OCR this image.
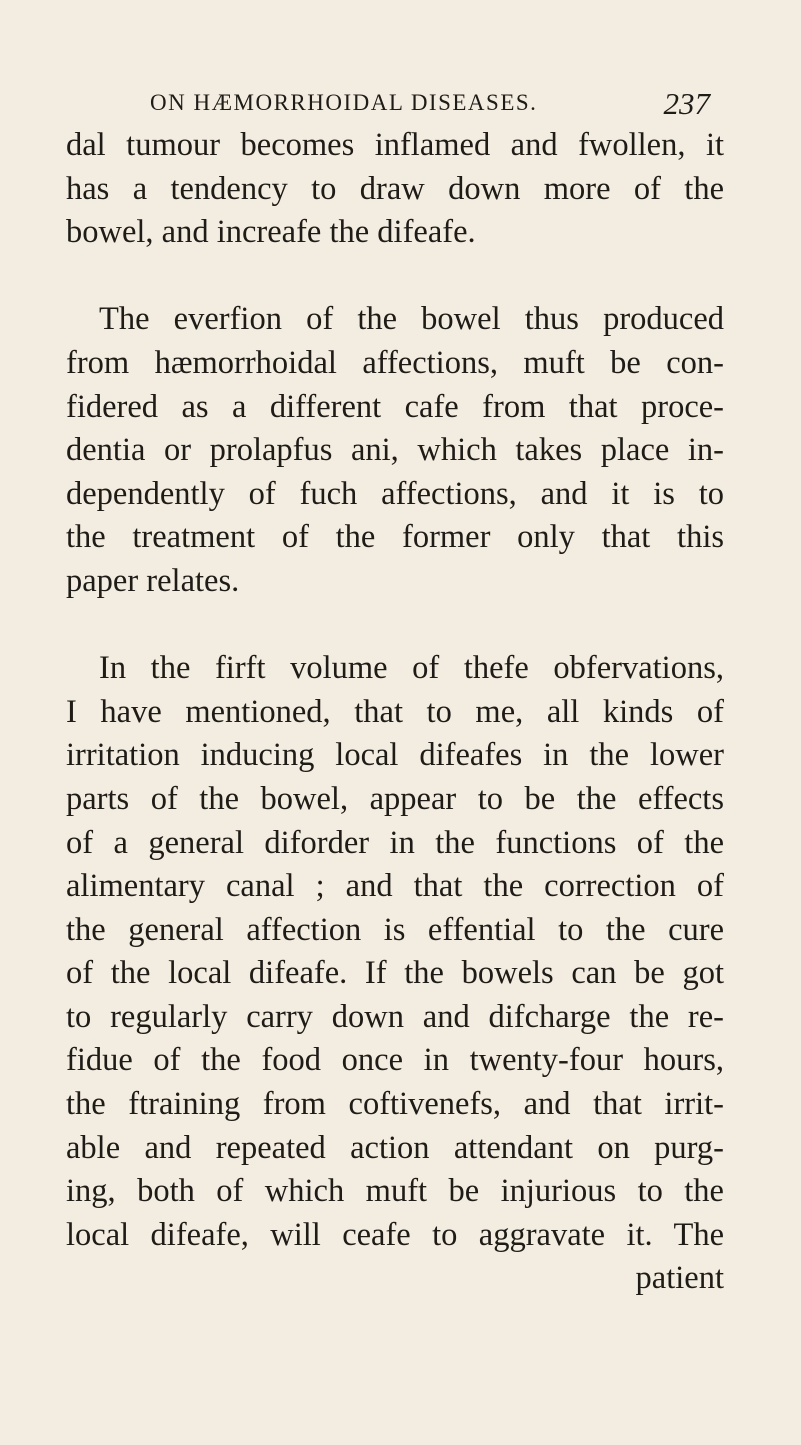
ON HÆMORRHOIDAL DISEASES.	237
dal tumour becomes inflamed and fwollen, it
has a tendency to draw down more of the
bowel, and increafe the difeafe.
The everfion of the bowel thus produced
from hæmorrhoidal affections, muft be con-
fidered as a different cafe from that proce-
dentia or prolapfus ani, which takes place in-
dependently of fuch affections, and it is to
the treatment of the former only that this
paper relates.
In the firft volume of thefe obfervations,
I have mentioned, that to me, all kinds of
irritation inducing local difeafes in the lower
parts of the bowel, appear to be the effects
of a general diforder in the functions of the
alimentary canal ; and that the correction of
the general affection is effential to the cure
of the local difeafe. If the bowels can be got
to regularly carry down and difcharge the re-
fidue of the food once in twenty-four hours,
the ftraining from coftivenefs, and that irrit-
able and repeated action attendant on purg-
ing, both of which muft be injurious to the
local difeafe, will ceafe to aggravate it. The
patient
